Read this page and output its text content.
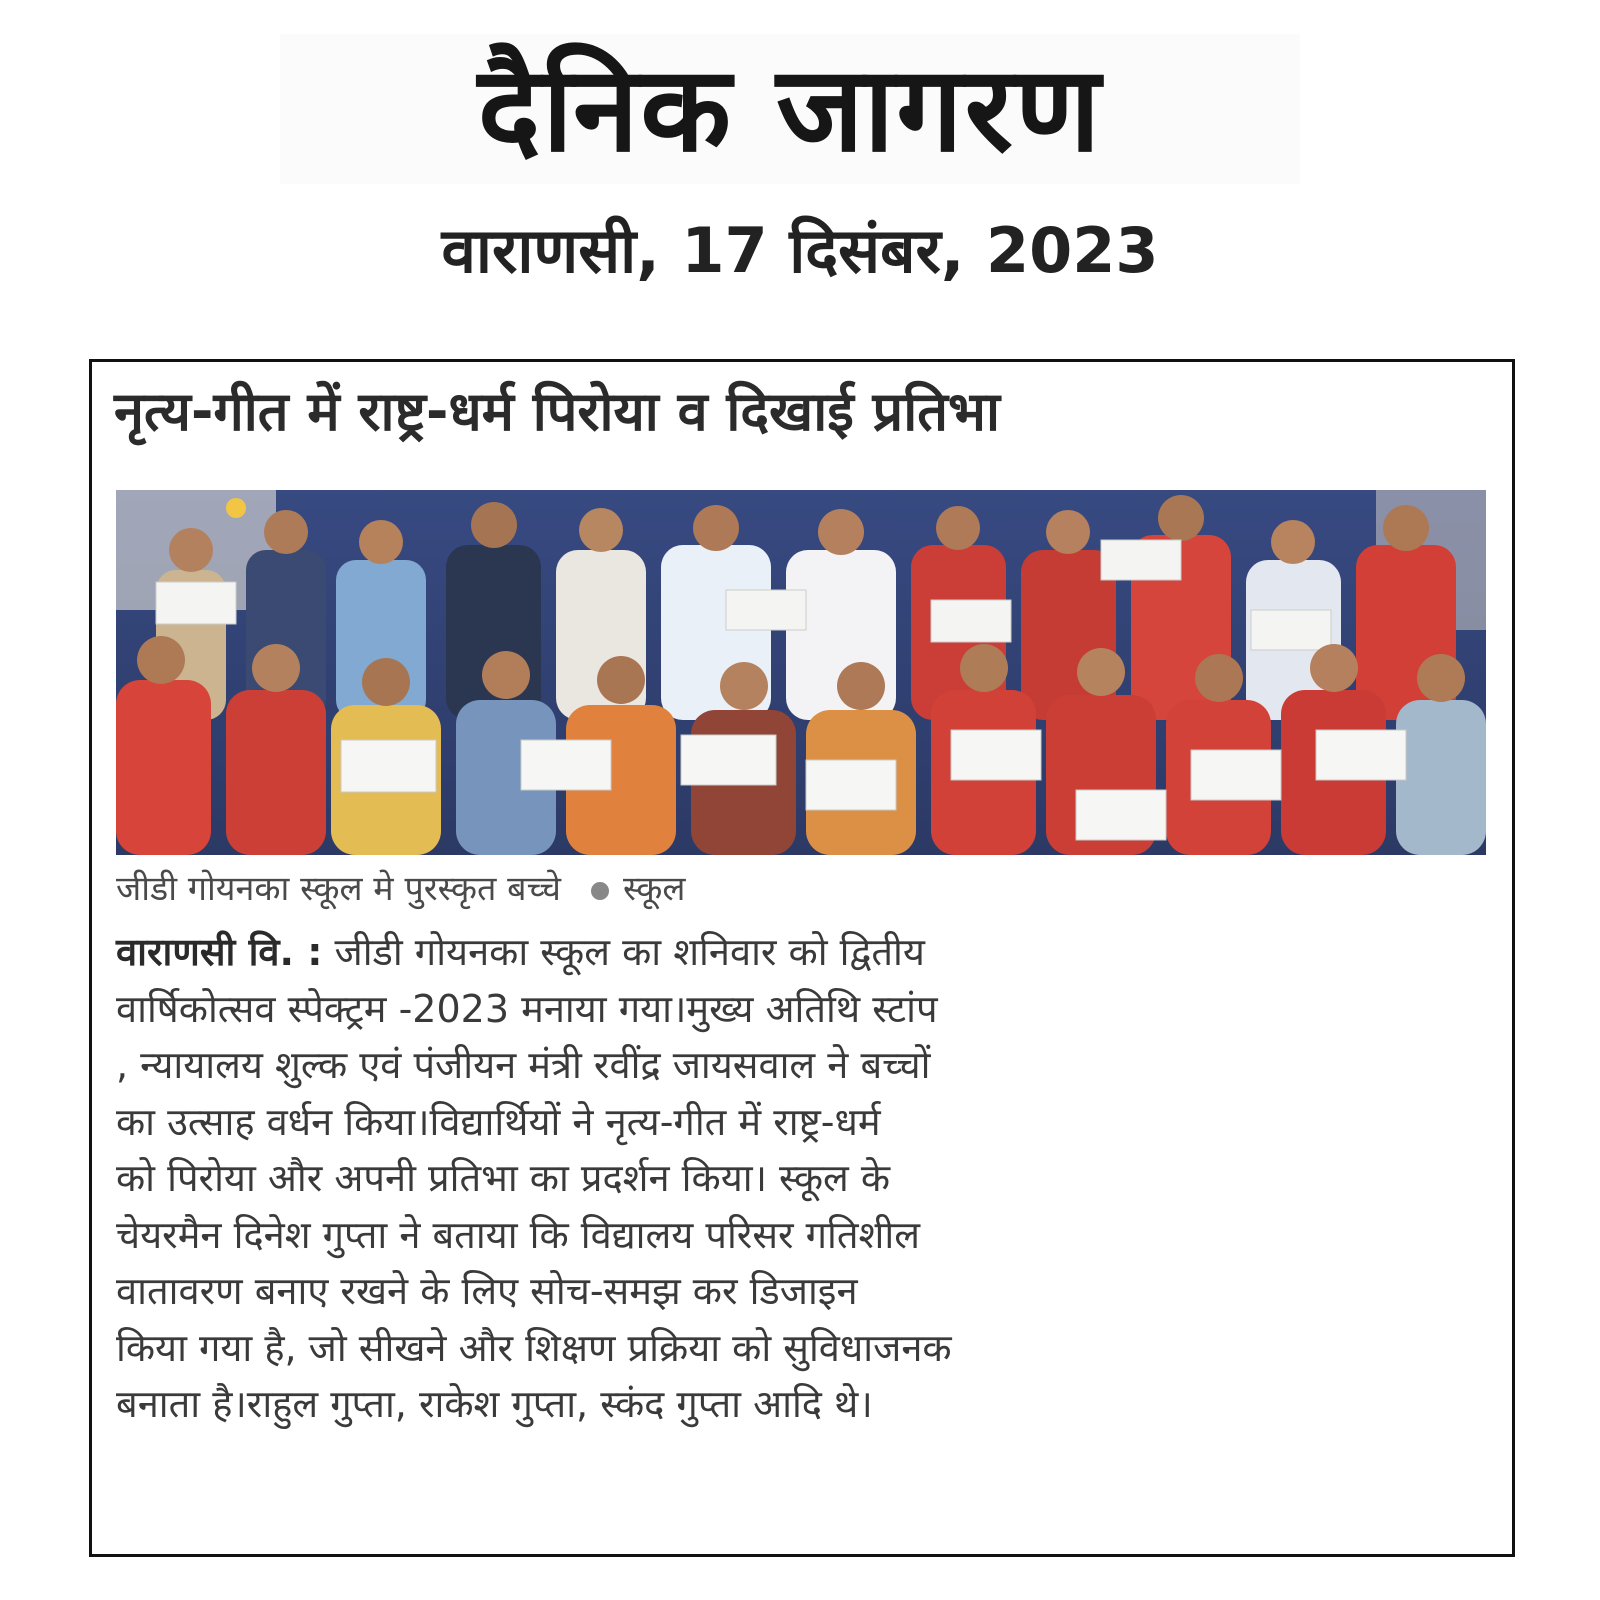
दैनिक जागरण
वाराणसी, 17 दिसंबर, 2023
नृत्य-गीत में राष्ट्र-धर्म पिरोया व दिखाई प्रतिभा
जीडी गोयनका स्कूल मे पुरस्कृत बच्चे स्कूल
वाराणसी वि. : जीडी गोयनका स्कूल का शनिवार को द्वितीय
वार्षिकोत्सव स्पेक्ट्रम -2023 मनाया गया।मुख्य अतिथि स्टांप
, न्यायालय शुल्क एवं पंजीयन मंत्री रवींद्र जायसवाल ने बच्चों
का उत्साह वर्धन किया।विद्यार्थियों ने नृत्य-गीत में राष्ट्र-धर्म
को पिरोया और अपनी प्रतिभा का प्रदर्शन किया। स्कूल के
चेयरमैन दिनेश गुप्ता ने बताया कि विद्यालय परिसर गतिशील
वातावरण बनाए रखने के लिए सोच-समझ कर डिजाइन
किया गया है, जो सीखने और शिक्षण प्रक्रिया को सुविधाजनक
बनाता है।राहुल गुप्ता, राकेश गुप्ता, स्कंद गुप्ता आदि थे।
